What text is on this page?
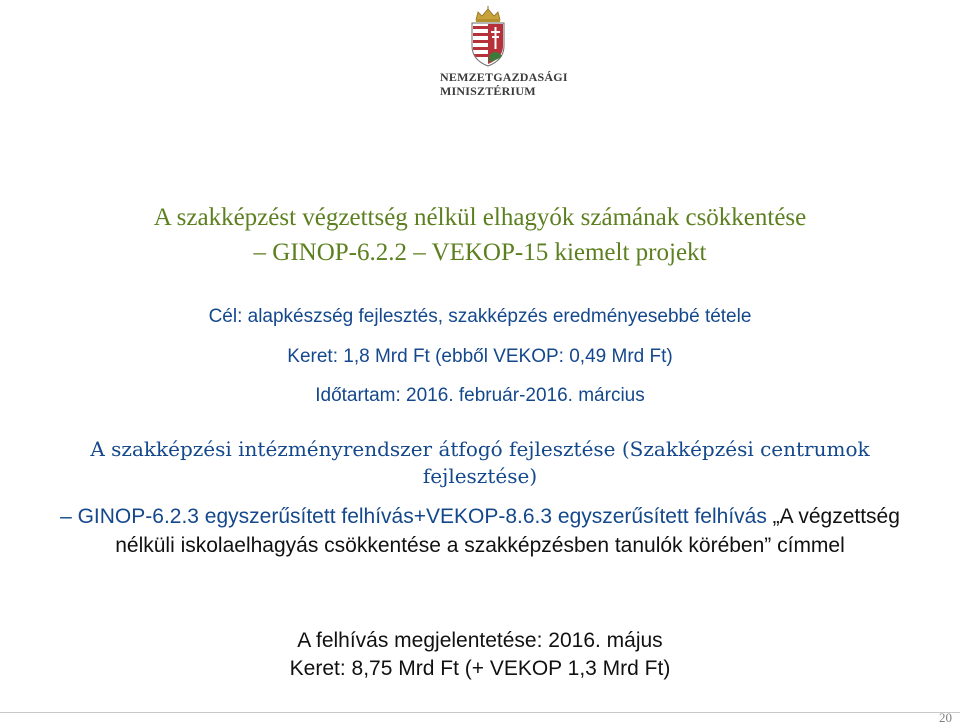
NEMZETGAZDASÁGI
MINISZTÉRIUM
A szakképzést végzettség nélkül elhagyók számának csökkentése
– GINOP-6.2.2 – VEKOP-15 kiemelt projekt
Cél: alapkészség fejlesztés, szakképzés eredményesebbé tétele
Keret: 1,8 Mrd Ft (ebből VEKOP: 0,49 Mrd Ft)
Időtartam: 2016. február-2016. március
A szakképzési intézményrendszer átfogó fejlesztése (Szakképzési centrumok fejlesztése)
– GINOP-6.2.3 egyszerűsített felhívás+VEKOP-8.6.3 egyszerűsített felhívás „A végzettség nélküli iskolaelhagyás csökkentése a szakképzésben tanulók körében” címmel
A felhívás megjelentetése: 2016. május
Keret: 8,75 Mrd Ft (+ VEKOP 1,3 Mrd Ft)
20
